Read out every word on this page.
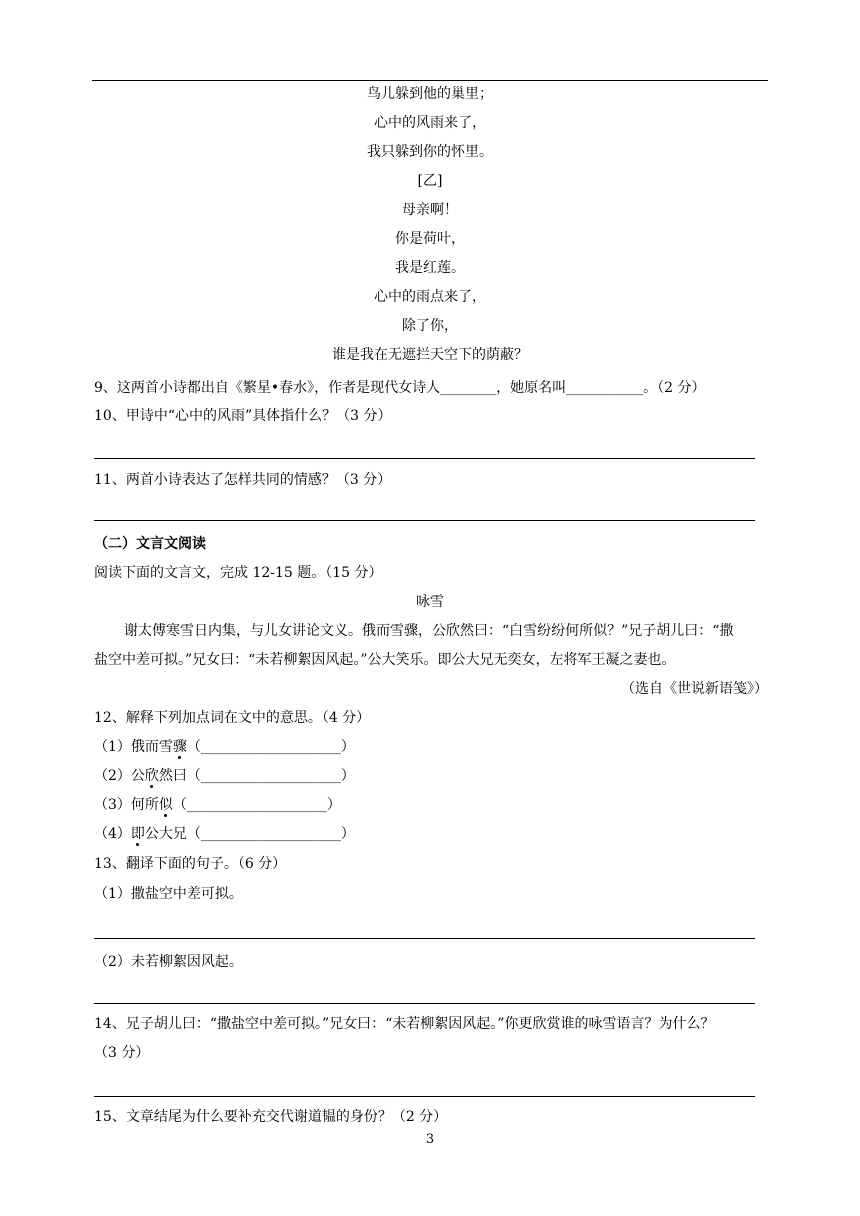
鸟儿躲到他的巢里；
心中的风雨来了，
我只躲到你的怀里。
[乙]
母亲啊！
你是荷叶，
我是红莲。
心中的雨点来了，
除了你，
谁是我在无遮拦天空下的荫蔽？
9、这两首小诗都出自《繁星•春水》，作者是现代女诗人________，她原名叫___________。（2 分）
10、甲诗中“心中的风雨”具体指什么？（3 分）
11、两首小诗表达了怎样共同的情感？（3 分）
（二）文言文阅读
阅读下面的文言文，完成 12-15 题。（15 分）
咏雪
谢太傅寒雪日内集，与儿女讲论文义。俄而雪骤，公欣然曰：“白雪纷纷何所似？”兄子胡儿曰：“撒
盐空中差可拟。”兄女曰：“未若柳絮因风起。”公大笑乐。即公大兄无奕女，左将军王凝之妻也。
（选自《世说新语笺》）
12、解释下列加点词在文中的意思。（4 分）
（1）俄而雪骤（____________________）
（2）公欣然曰（____________________）
（3）何所似（____________________）
（4）即公大兄（____________________）
13、翻译下面的句子。（6 分）
（1）撒盐空中差可拟。
（2）未若柳絮因风起。
14、兄子胡儿曰：“撒盐空中差可拟。”兄女曰：“未若柳絮因风起。”你更欣赏谁的咏雪语言？为什么？
（3 分）
15、文章结尾为什么要补充交代谢道韫的身份？（2 分）
3
